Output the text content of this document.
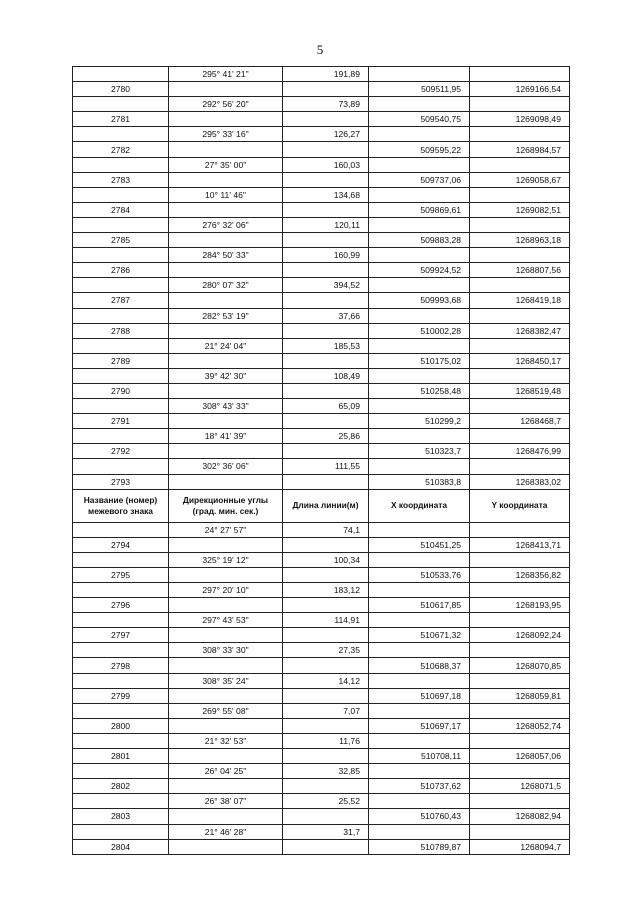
5
	295° 41' 21"	191,89		
2780			509511,95	1269166,54
	292° 56' 20"	73,89		
2781			509540,75	1269098,49
	295° 33' 16"	126,27		
2782			509595,22	1268984,57
	27° 35' 00"	160,03		
2783			509737,06	1269058,67
	10° 11' 46"	134,68		
2784			509869,61	1269082,51
	276° 32' 06"	120,11		
2785			509883,28	1268963,18
	284° 50' 33"	160,99		
2786			509924,52	1268807,56
	280° 07' 32"	394,52		
2787			509993,68	1268419,18
	282° 53' 19"	37,66		
2788			510002,28	1268382,47
	21° 24' 04"	185,53		
2789			510175,02	1268450,17
	39° 42' 30"	108,49		
2790			510258,48	1268519,48
	308° 43' 33"	65,09		
2791			510299,2	1268468,7
	18° 41' 39"	25,86		
2792			510323,7	1268476,99
	302° 36' 06"	111,55		
2793			510383,8	1268383,02
Название (номер) межевого знака	Дирекционные углы (град. мин. сек.)	Длина линии(м)	X координата	Y координата
	24° 27' 57"	74,1		
2794			510451,25	1268413,71
	325° 19' 12"	100,34		
2795			510533,76	1268356,82
	297° 20' 10"	183,12		
2796			510617,85	1268193,95
	297° 43' 53"	114,91		
2797			510671,32	1268092,24
	308° 33' 30"	27,35		
2798			510688,37	1268070,85
	308° 35' 24"	14,12		
2799			510697,18	1268059,81
	269° 55' 08"	7,07		
2800			510697,17	1268052,74
	21° 32' 53"	11,76		
2801			510708,11	1268057,06
	26° 04' 25"	32,85		
2802			510737,62	1268071,5
	26° 38' 07"	25,52		
2803			510760,43	1268082,94
	21° 46' 28"	31,7		
2804			510789,87	1268094,7
